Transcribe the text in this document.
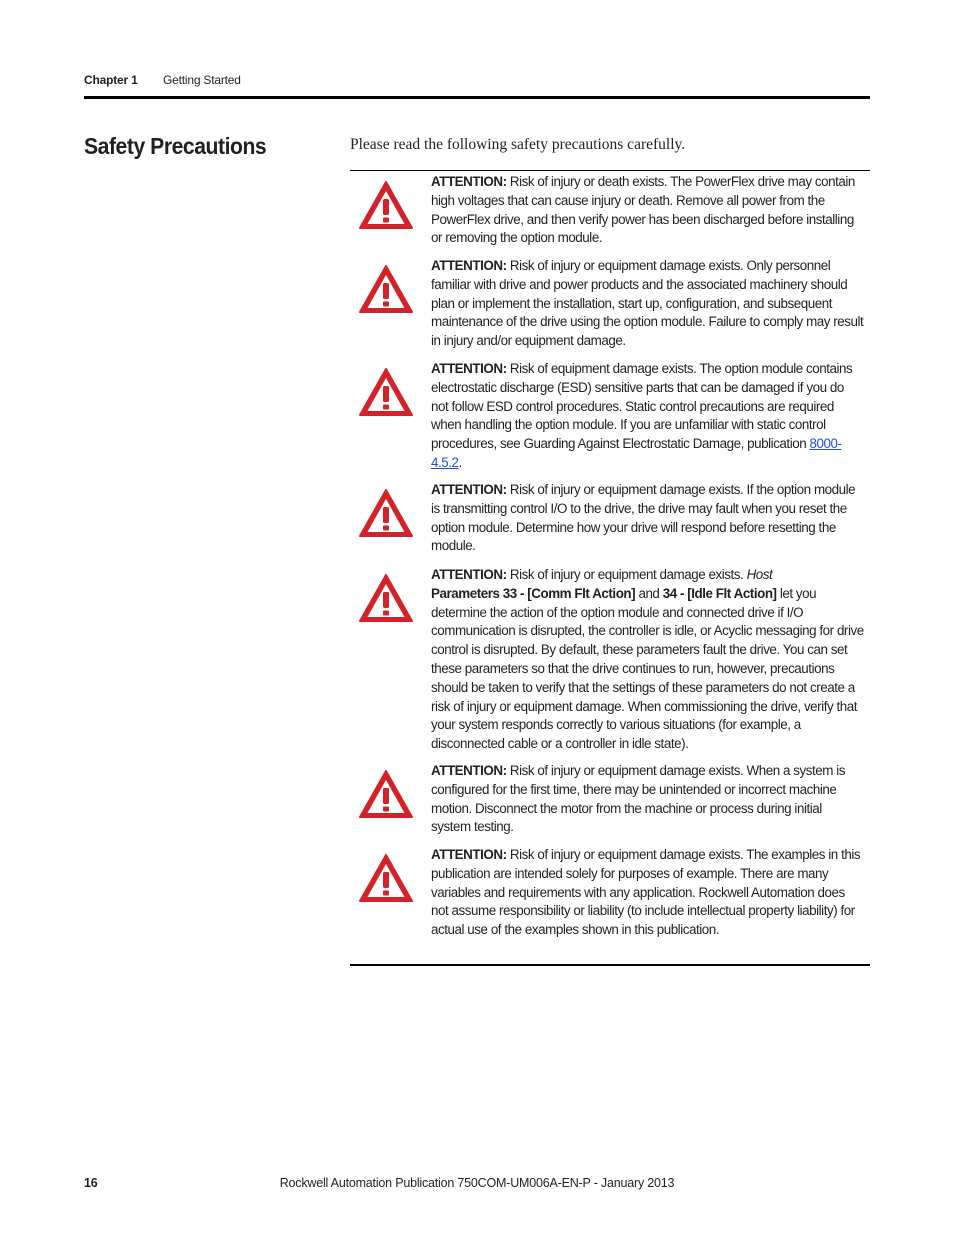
Chapter 1 Getting Started
Safety Precautions	Please read the following safety precautions carefully.

ATTENTION: Risk of injury or death exists. The PowerFlex drive may contain high voltages that can cause injury or death. Remove all power from the PowerFlex drive, and then verify power has been discharged before installing or removing the option module.

ATTENTION: Risk of injury or equipment damage exists. Only personnel familiar with drive and power products and the associated machinery should plan or implement the installation, start up, configuration, and subsequent maintenance of the drive using the option module. Failure to comply may result in injury and/or equipment damage.

ATTENTION: Risk of equipment damage exists. The option module contains electrostatic discharge (ESD) sensitive parts that can be damaged if you do not follow ESD control procedures. Static control precautions are required when handling the option module. If you are unfamiliar with static control procedures, see Guarding Against Electrostatic Damage, publication 8000-4.5.2.

ATTENTION: Risk of injury or equipment damage exists. If the option module is transmitting control I/O to the drive, the drive may fault when you reset the option module. Determine how your drive will respond before resetting the module.

ATTENTION: Risk of injury or equipment damage exists. Host
Parameters 33 - [Comm Flt Action] and 34 - [Idle Flt Action] let you determine the action of the option module and connected drive if I/O communication is disrupted, the controller is idle, or Acyclic messaging for drive control is disrupted. By default, these parameters fault the drive. You can set these parameters so that the drive continues to run, however, precautions should be taken to verify that the settings of these parameters do not create a risk of injury or equipment damage. When commissioning the drive, verify that your system responds correctly to various situations (for example, a disconnected cable or a controller in idle state).

ATTENTION: Risk of injury or equipment damage exists. When a system is configured for the first time, there may be unintended or incorrect machine motion. Disconnect the motor from the machine or process during initial system testing.

ATTENTION: Risk of injury or equipment damage exists. The examples in this publication are intended solely for purposes of example. There are many variables and requirements with any application. Rockwell Automation does not assume responsibility or liability (to include intellectual property liability) for actual use of the examples shown in this publication.

16	Rockwell Automation Publication 750COM-UM006A-EN-P - January 2013
